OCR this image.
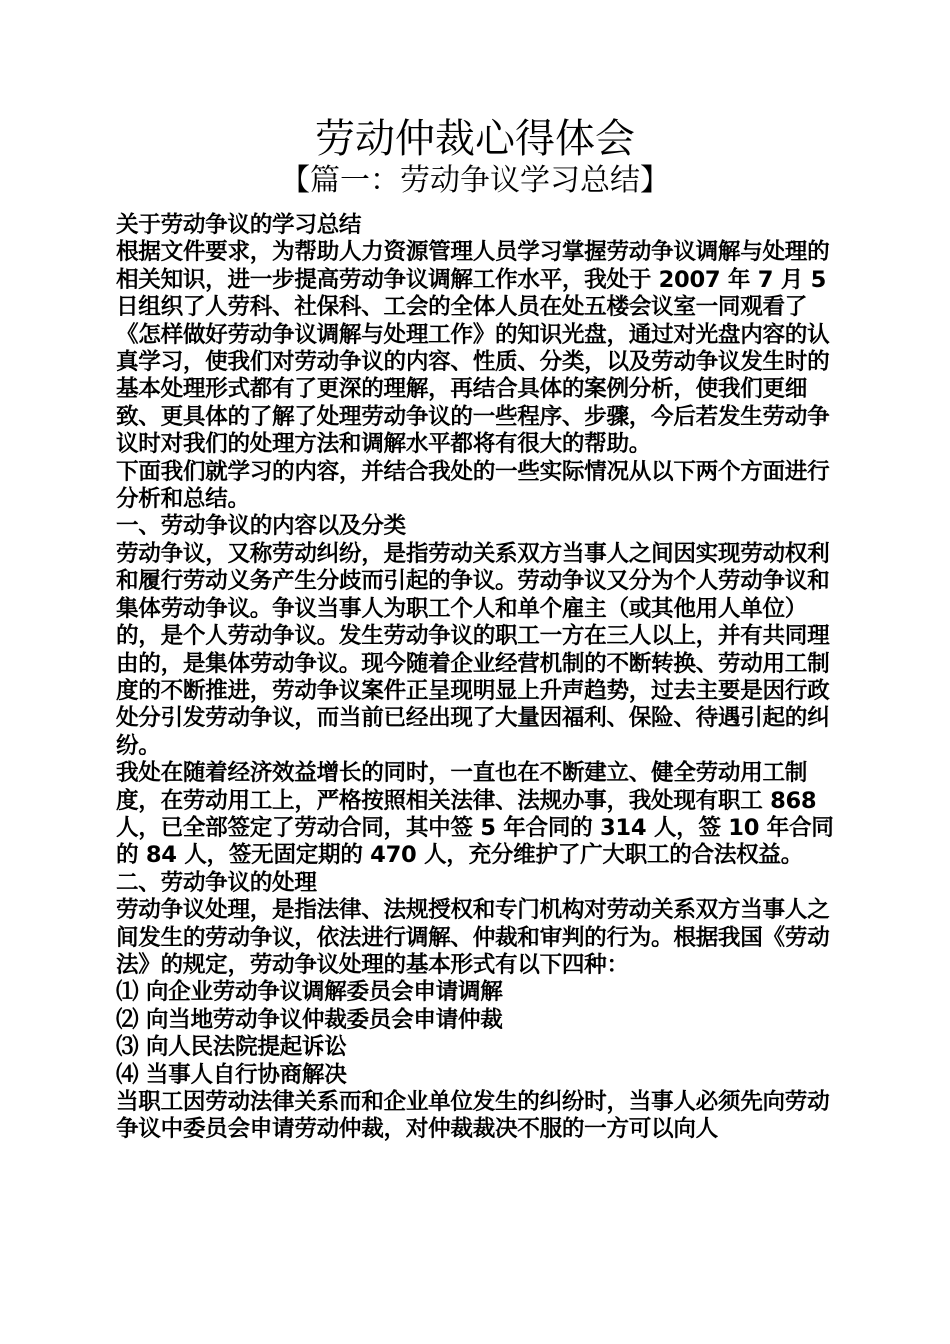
劳动仲裁心得体会
【篇一：劳动争议学习总结】

关于劳动争议的学习总结

根据文件要求，为帮助人力资源管理人员学习掌握劳动争议调解与处理的相关知识，进一步提高劳动争议调解工作水平，我处于 2007 年 7 月 5 日组织了人劳科、社保科、工会的全体人员在处五楼会议室一同观看了《怎样做好劳动争议调解与处理工作》的知识光盘，通过对光盘内容的认真学习，使我们对劳动争议的内容、性质、分类，以及劳动争议发生时的基本处理形式都有了更深的理解，再结合具体的案例分析，使我们更细致、更具体的了解了处理劳动争议的一些程序、步骤，今后若发生劳动争议时对我们的处理方法和调解水平都将有很大的帮助。

下面我们就学习的内容，并结合我处的一些实际情况从以下两个方面进行分析和总结。

一、劳动争议的内容以及分类

劳动争议，又称劳动纠纷，是指劳动关系双方当事人之间因实现劳动权利和履行劳动义务产生分歧而引起的争议。劳动争议又分为个人劳动争议和集体劳动争议。争议当事人为职工个人和单个雇主（或其他用人单位）的，是个人劳动争议。发生劳动争议的职工一方在三人以上，并有共同理由的，是集体劳动争议。现今随着企业经营机制的不断转换、劳动用工制度的不断推进，劳动争议案件正呈现明显上升声趋势，过去主要是因行政处分引发劳动争议，而当前已经出现了大量因福利、保险、待遇引起的纠纷。

我处在随着经济效益增长的同时，一直也在不断建立、健全劳动用工制度，在劳动用工上，严格按照相关法律、法规办事，我处现有职工 868 人，已全部签定了劳动合同，其中签 5 年合同的 314 人，签 10 年合同的 84 人，签无固定期的 470 人，充分维护了广大职工的合法权益。

二、劳动争议的处理

劳动争议处理，是指法律、法规授权和专门机构对劳动关系双方当事人之间发生的劳动争议，依法进行调解、仲裁和审判的行为。根据我国《劳动法》的规定，劳动争议处理的基本形式有以下四种：

⑴ 向企业劳动争议调解委员会申请调解

⑵ 向当地劳动争议仲裁委员会申请仲裁

⑶ 向人民法院提起诉讼

⑷ 当事人自行协商解决

当职工因劳动法律关系而和企业单位发生的纠纷时，当事人必须先向劳动争议中委员会申请劳动仲裁，对仲裁裁决不服的一方可以向人
